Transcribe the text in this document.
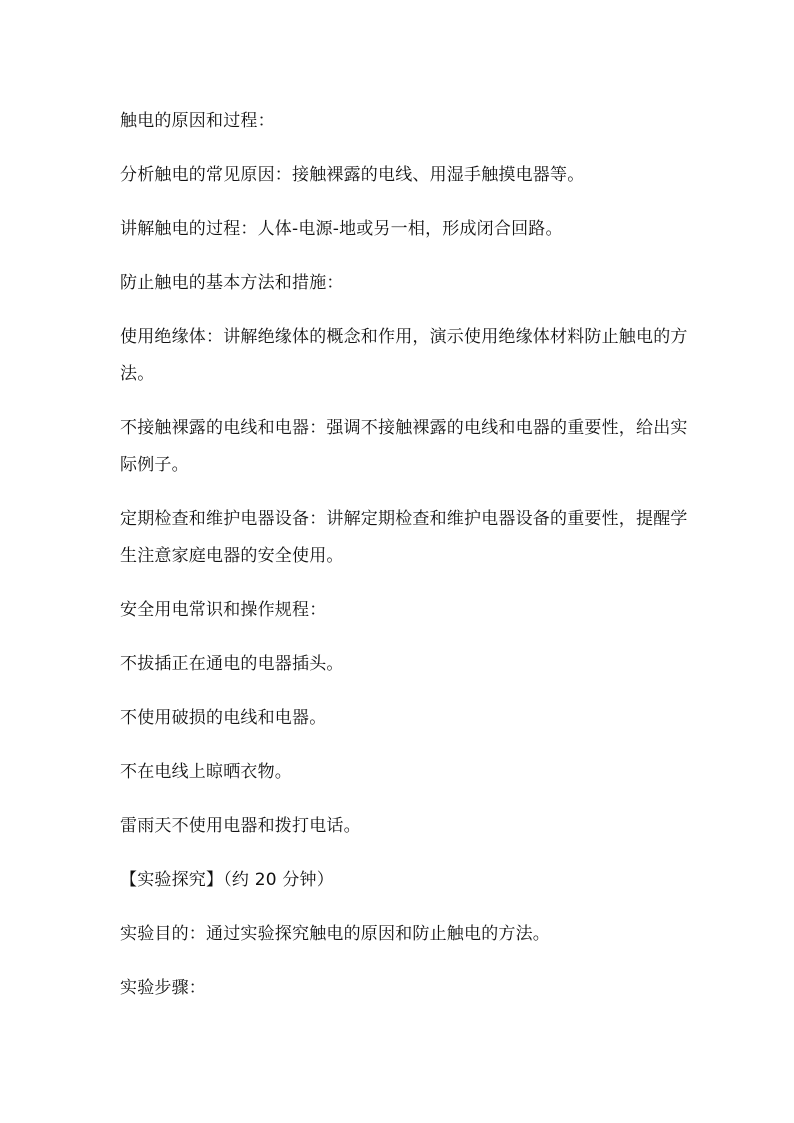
触电的原因和过程：

分析触电的常见原因：接触裸露的电线、用湿手触摸电器等。

讲解触电的过程：人体-电源-地或另一相，形成闭合回路。

防止触电的基本方法和措施：

使用绝缘体：讲解绝缘体的概念和作用，演示使用绝缘体材料防止触电的方法。

不接触裸露的电线和电器：强调不接触裸露的电线和电器的重要性，给出实际例子。

定期检查和维护电器设备：讲解定期检查和维护电器设备的重要性，提醒学生注意家庭电器的安全使用。

安全用电常识和操作规程：

不拔插正在通电的电器插头。

不使用破损的电线和电器。

不在电线上晾晒衣物。

雷雨天不使用电器和拨打电话。

【实验探究】（约 20 分钟）

实验目的：通过实验探究触电的原因和防止触电的方法。

实验步骤：
